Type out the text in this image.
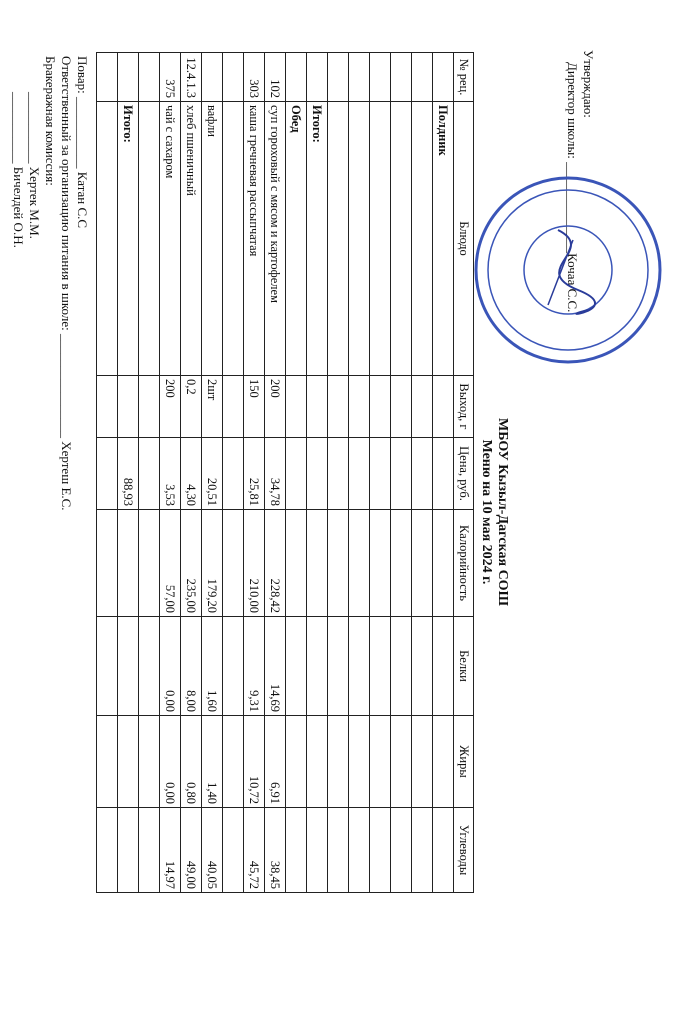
Утверждаю:
Директор школы: ______________Кочаа С.С.
МБОУ Кызыл-Дагская СОШ
Меню на 10 мая 2024 г.
№ рец.	Блюдо	Выход, г	Цена, руб.	Калорийность	Белки	Жиры	Углеводы
	Полдник						

	Итого:						
	Обед						
102	суп гороховый с мясом и картофелем	200	34,78	228,42	14,69	6,91	38,45
303	каша гречневая рассыпчатая	150	25,81	210,00	9,31	10,72	45,72

	вафли	2шт	20,51	179,20	1,60	1,40	40,05
12.4.1.3	хлеб пшеничный	0,2	4,30	235,00	8,00	0,80	49,00
375	чай с сахаром	200	3,53	57,00	0,00	0,00	14,97

	Итого:		88,93				

Повар: ___________ Катан С.С
Ответственный за организацию питания в школе: ________________ Хертеш Е.С.
Бракеражная комиссия:
___________ Хертек М.М.
___________ Бичелдей О.Н.
